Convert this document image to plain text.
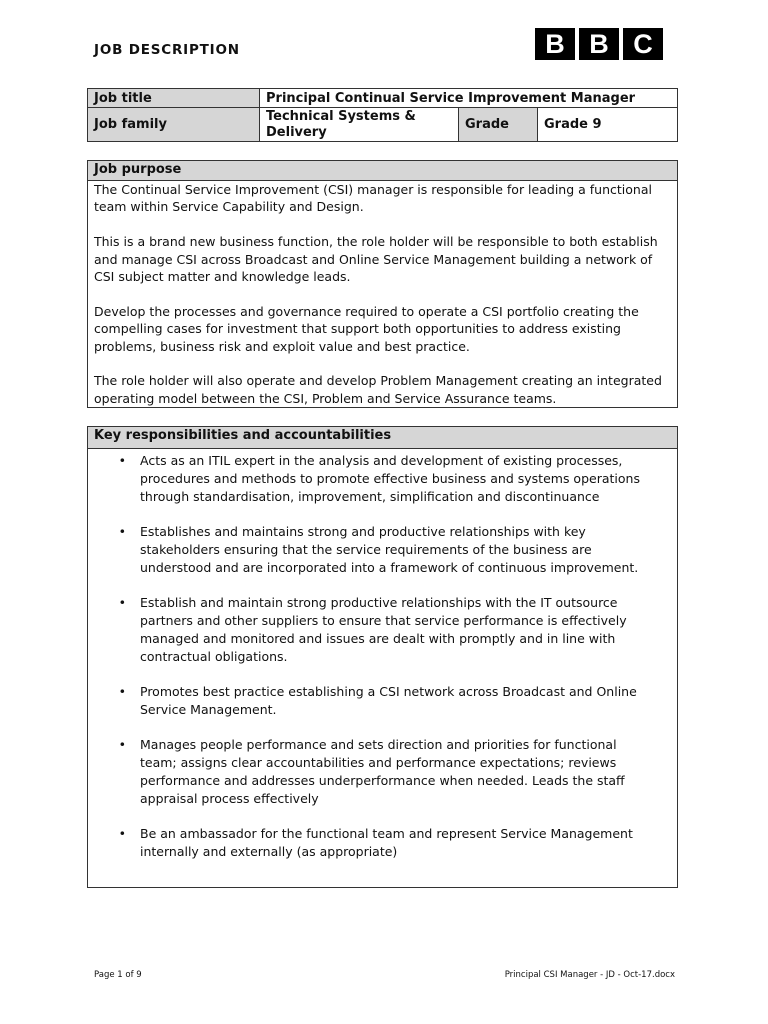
JOB DESCRIPTION	B B C
Job title	Principal Continual Service Improvement Manager		
Job family	Technical Systems & Delivery	Grade	Grade 9
Job purpose

The Continual Service Improvement (CSI) manager is responsible for leading a functional team within Service Capability and Design.

This is a brand new business function, the role holder will be responsible to both establish and manage CSI across Broadcast and Online Service Management building a network of CSI subject matter and knowledge leads.

Develop the processes and governance required to operate a CSI portfolio creating the compelling cases for investment that support both opportunities to address existing problems, business risk and exploit value and best practice.

The role holder will also operate and develop Problem Management creating an integrated operating model between the CSI, Problem and Service Assurance teams.

Key responsibilities and accountabilities
•	Acts as an ITIL expert in the analysis and development of existing processes, procedures and methods to promote effective business and systems operations through standardisation, improvement, simplification and discontinuance
•	Establishes and maintains strong and productive relationships with key stakeholders ensuring that the service requirements of the business are understood and are incorporated into a framework of continuous improvement.
•	Establish and maintain strong productive relationships with the IT outsource partners and other suppliers to ensure that service performance is effectively managed and monitored and issues are dealt with promptly and in line with contractual obligations.
•	Promotes best practice establishing a CSI network across Broadcast and Online Service Management.
•	Manages people performance and sets direction and priorities for functional team; assigns clear accountabilities and performance expectations; reviews performance and addresses underperformance when needed. Leads the staff appraisal process effectively
•	Be an ambassador for the functional team and represent Service Management internally and externally (as appropriate)
Page 1 of 9	Principal CSI Manager - JD - Oct-17.docx
